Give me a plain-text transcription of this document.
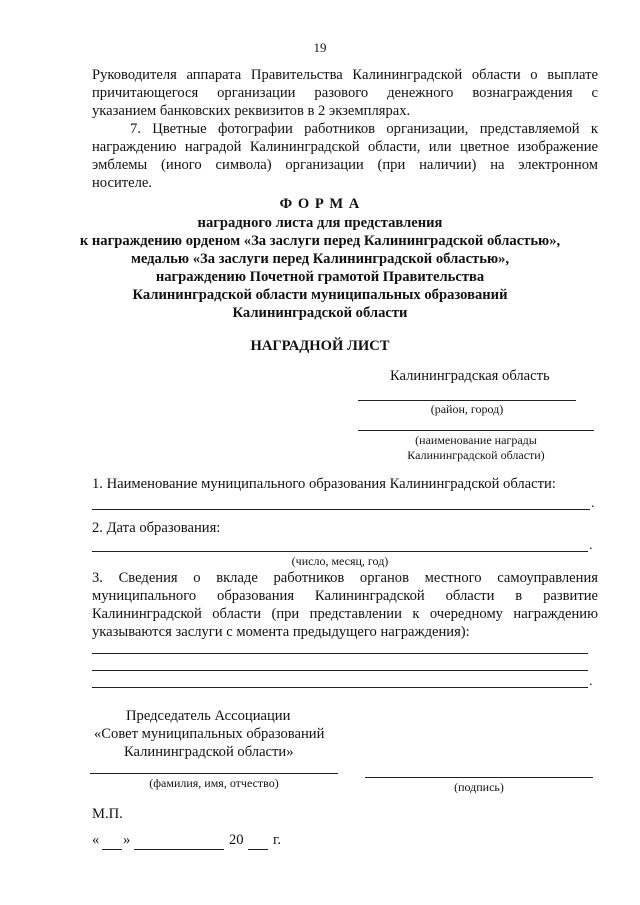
19
Руководителя аппарата Правительства Калининградской области о выплате
причитающегося организации разового денежного вознаграждения с
указанием банковских реквизитов в 2 экземплярах.
7. Цветные фотографии работников организации, представляемой к
награждению наградой Калининградской области, или цветное изображение
эмблемы (иного символа) организации (при наличии) на электронном
носителе.
Ф О Р М А
наградного листа для представления
к награждению орденом «За заслуги перед Калининградской областью»,
медалью «За заслуги перед Калининградской областью»,
награждению Почетной грамотой Правительства
Калининградской области муниципальных образований
Калининградской области
НАГРАДНОЙ ЛИСТ
Калининградская область
(район, город)
(наименование награды
Калининградской области)
1. Наименование муниципального образования Калининградской области:
.
2. Дата образования:
.
(число, месяц, год)
3. Сведения о вкладе работников органов местного самоуправления
муниципального образования Калининградской области в развитие
Калининградской области (при представлении к очередному награждению
указываются заслуги с момента предыдущего награждения):
.
Председатель Ассоциации
«Совет муниципальных образований
Калининградской области»
(фамилия, имя, отчество)	(подпись)
М.П.
« »	20 г.
